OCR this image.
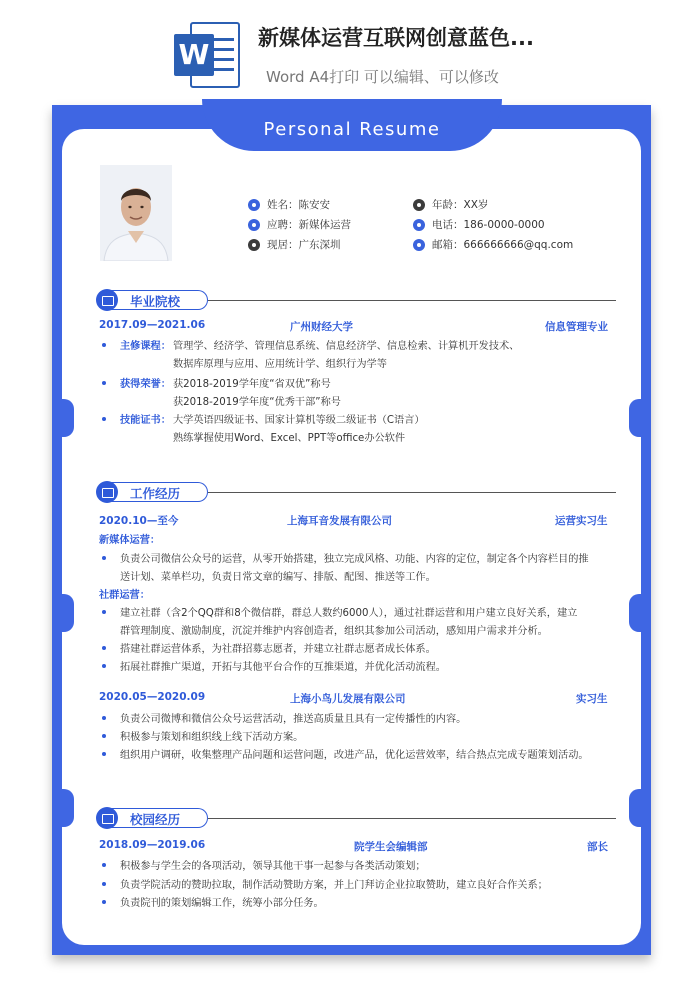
W 新媒体运营互联网创意蓝色...
Word A4打印 可以编辑、可以修改
Personal Resume
姓名：陈安安
应聘：新媒体运营
现居：广东深圳
年龄：XX岁
电话：186-0000-0000
邮箱：666666666@qq.com
毕业院校
2017.09—2021.06	广州财经大学	信息管理专业
主修课程： 管理学、经济学、管理信息系统、信息经济学、信息检索、计算机开发技术、
数据库原理与应用、应用统计学、组织行为学等
获得荣誉： 获2018-2019学年度“省双优”称号
获2018-2019学年度“优秀干部”称号
技能证书： 大学英语四级证书、国家计算机等级二级证书（C语言）
熟练掌握使用Word、Excel、PPT等office办公软件
工作经历
2020.10—至今	上海耳音发展有限公司	运营实习生
新媒体运营：
负责公司微信公众号的运营，从零开始搭建，独立完成风格、功能、内容的定位，制定各个内容栏目的推
送计划、菜单栏功，负责日常文章的编写、排版、配图、推送等工作。
社群运营：
建立社群（含2个QQ群和8个微信群，群总人数约6000人），通过社群运营和用户建立良好关系，建立
群管理制度、激励制度，沉淀并维护内容创造者，组织其参加公司活动，感知用户需求并分析。
搭建社群运营体系，为社群招募志愿者，并建立社群志愿者成长体系。
拓展社群推广渠道，开拓与其他平台合作的互推渠道，并优化活动流程。
2020.05—2020.09	上海小鸟儿发展有限公司	实习生
负责公司微博和微信公众号运营活动，推送高质量且具有一定传播性的内容。
积极参与策划和组织线上线下活动方案。
组织用户调研，收集整理产品问题和运营问题，改进产品，优化运营效率，结合热点完成专题策划活动。
校园经历
2018.09—2019.06	院学生会编辑部	部长
积极参与学生会的各项活动，领导其他干事一起参与各类活动策划；
负责学院活动的赞助拉取，制作活动赞助方案，并上门拜访企业拉取赞助，建立良好合作关系；
负责院刊的策划编辑工作，统筹小部分任务。
